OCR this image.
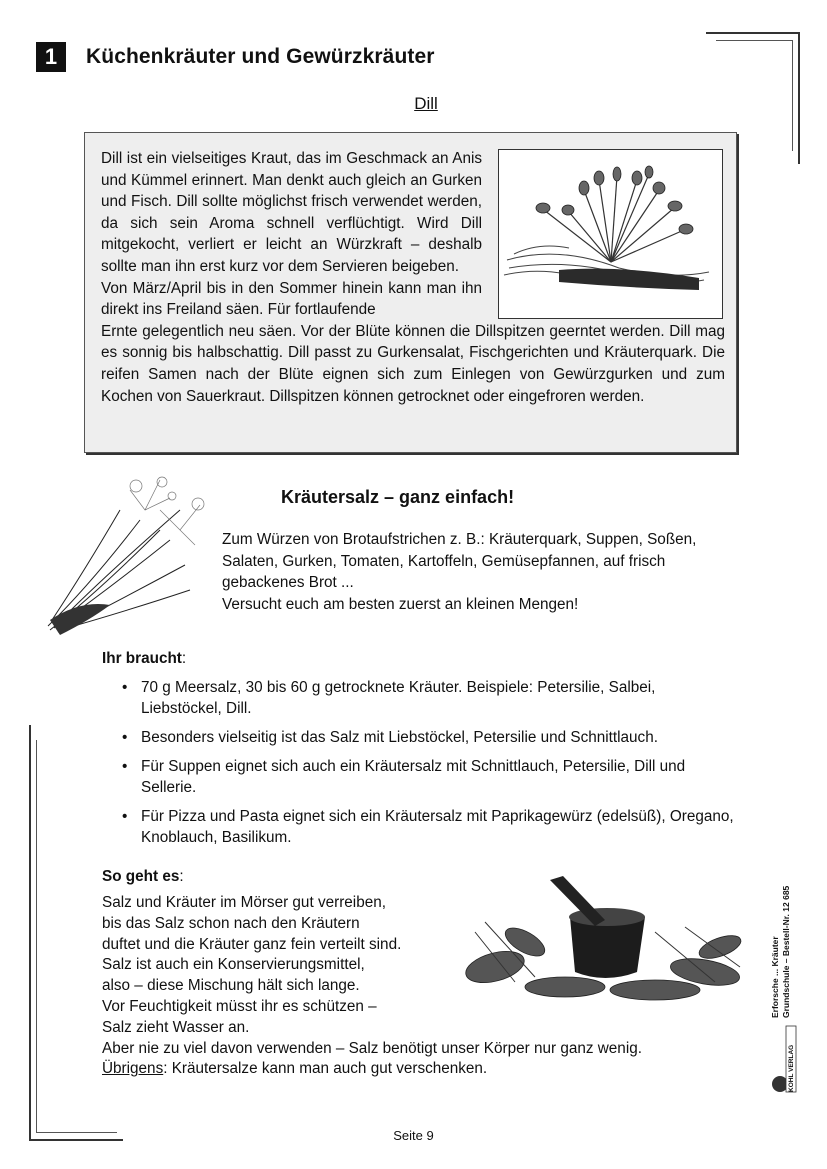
1	Küchenkräuter und Gewürzkräuter
Dill
Dill ist ein vielseitiges Kraut, das im Geschmack an Anis und Kümmel erinnert. Man denkt auch gleich an Gurken und Fisch. Dill sollte möglichst frisch verwendet werden, da sich sein Aroma schnell verflüchtigt. Wird Dill mitgekocht, verliert er leicht an Würzkraft – deshalb sollte man ihn erst kurz vor dem Servieren beigeben.
Von März/April bis in den Sommer hinein kann man ihn direkt ins Freiland säen. Für fortlaufende
Ernte gelegentlich neu säen. Vor der Blüte können die Dillspitzen geerntet werden. Dill mag es sonnig bis halbschattig. Dill passt zu Gurkensalat, Fischgerichten und Kräuterquark. Die reifen Samen nach der Blüte eignen sich zum Einlegen von Gewürzgurken und zum Kochen von Sauerkraut. Dillspitzen können getrocknet oder eingefroren werden.
Kräutersalz – ganz einfach!
Zum Würzen von Brotaufstrichen z. B.: Kräuterquark, Suppen, Soßen, Salaten, Gurken, Tomaten, Kartoffeln, Gemüsepfannen, auf frisch gebackenes Brot ...
Versucht euch am besten zuerst an kleinen Mengen!
Ihr braucht:
• 70 g Meersalz, 30 bis 60 g getrocknete Kräuter. Beispiele: Petersilie, Salbei, Liebstöckel, Dill.
• Besonders vielseitig ist das Salz mit Liebstöckel, Petersilie und Schnittlauch.
• Für Suppen eignet sich auch ein Kräutersalz mit Schnittlauch, Petersilie, Dill und Sellerie.
• Für Pizza und Pasta eignet sich ein Kräutersalz mit Paprikagewürz (edelsüß), Oregano, Knoblauch, Basilikum.
So geht es:
Salz und Kräuter im Mörser gut verreiben,
bis das Salz schon nach den Kräutern
duftet und die Kräuter ganz fein verteilt sind.
Salz ist auch ein Konservierungsmittel,
also – diese Mischung hält sich lange.
Vor Feuchtigkeit müsst ihr es schützen –
Salz zieht Wasser an.
Aber nie zu viel davon verwenden – Salz benötigt unser Körper nur ganz wenig.
Übrigens: Kräutersalze kann man auch gut verschenken.
Erforsche ... Kräuter Grundschule – Bestell-Nr. 12 685
KOHL VERLAG
Seite 9
